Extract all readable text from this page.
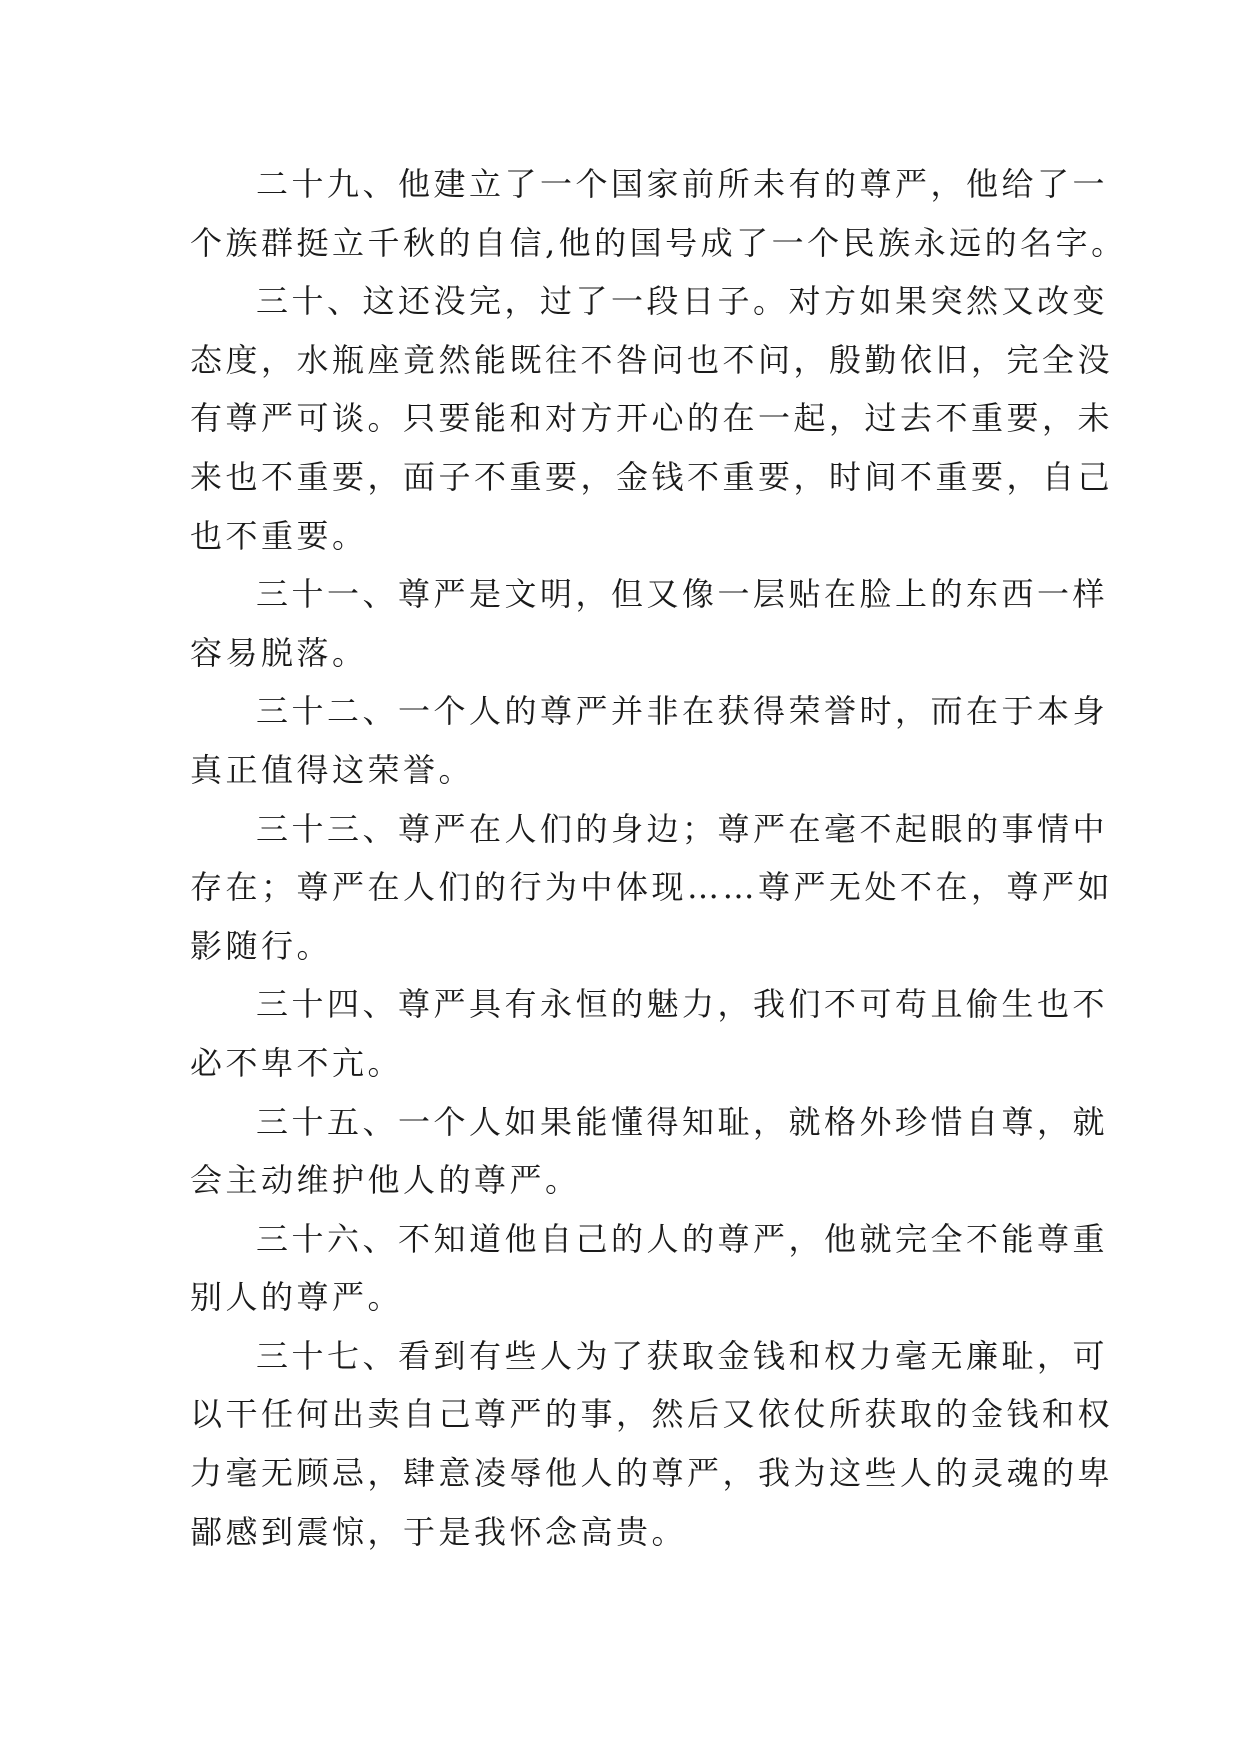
二十九、他建立了一个国家前所未有的尊严，他给了一
个族群挺立千秋的自信,他的国号成了一个民族永远的名字。

三十、这还没完，过了一段日子。对方如果突然又改变
态度，水瓶座竟然能既往不咎问也不问，殷勤依旧，完全没
有尊严可谈。只要能和对方开心的在一起，过去不重要，未
来也不重要，面子不重要，金钱不重要，时间不重要，自己
也不重要。

三十一、尊严是文明，但又像一层贴在脸上的东西一样
容易脱落。

三十二、一个人的尊严并非在获得荣誉时，而在于本身
真正值得这荣誉。

三十三、尊严在人们的身边；尊严在毫不起眼的事情中
存在；尊严在人们的行为中体现……尊严无处不在，尊严如
影随行。

三十四、尊严具有永恒的魅力，我们不可苟且偷生也不
必不卑不亢。

三十五、一个人如果能懂得知耻，就格外珍惜自尊，就
会主动维护他人的尊严。

三十六、不知道他自己的人的尊严，他就完全不能尊重
别人的尊严。

三十七、看到有些人为了获取金钱和权力毫无廉耻，可
以干任何出卖自己尊严的事，然后又依仗所获取的金钱和权
力毫无顾忌，肆意凌辱他人的尊严，我为这些人的灵魂的卑
鄙感到震惊，于是我怀念高贵。
